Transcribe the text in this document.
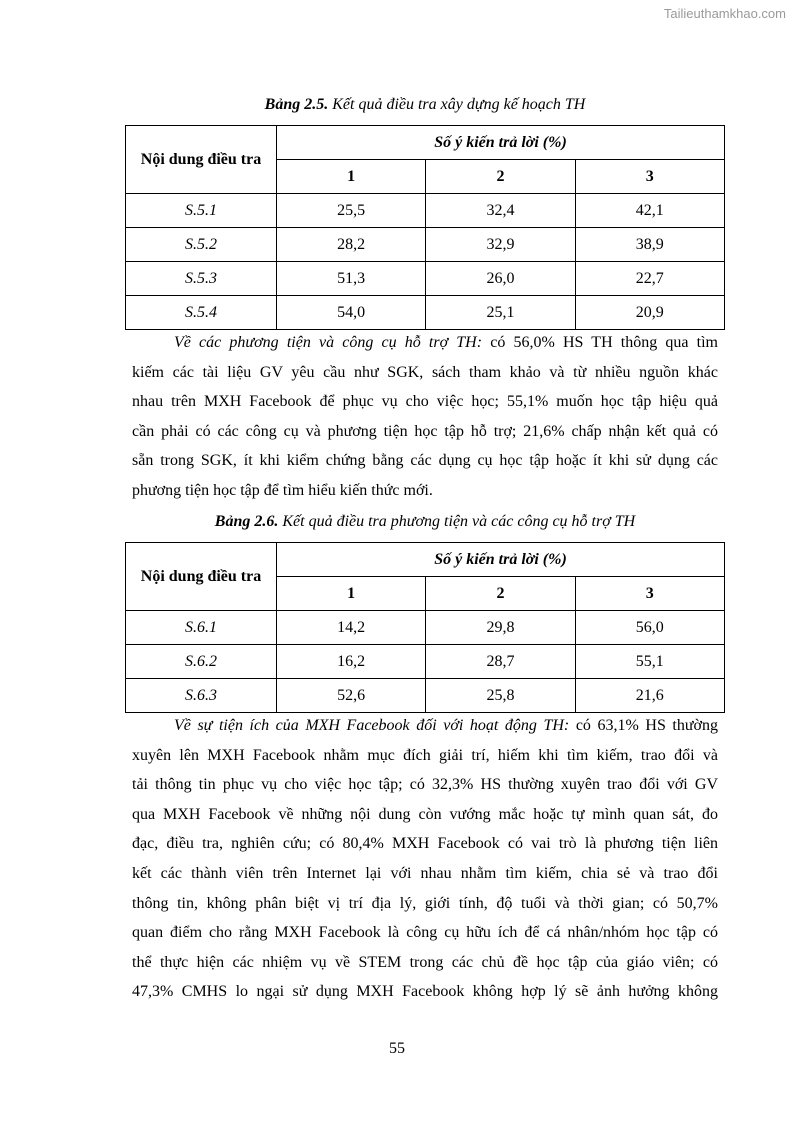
Tailieuthamkhao.com
Bảng 2.5. Kết quả điều tra xây dựng kế hoạch TH
Nội dung điều tra	Số ý kiến trả lời (%)		
	1	2	3
S.5.1	25,5	32,4	42,1
S.5.2	28,2	32,9	38,9
S.5.3	51,3	26,0	22,7
S.5.4	54,0	25,1	20,9
Về các phương tiện và công cụ hỗ trợ TH: có 56,0% HS TH thông qua tìm
kiếm các tài liệu GV yêu cầu như SGK, sách tham khảo và từ nhiều nguồn khác
nhau trên MXH Facebook để phục vụ cho việc học; 55,1% muốn học tập hiệu quả
cần phải có các công cụ và phương tiện học tập hỗ trợ; 21,6% chấp nhận kết quả có
sẵn trong SGK, ít khi kiểm chứng bằng các dụng cụ học tập hoặc ít khi sử dụng các
phương tiện học tập để tìm hiểu kiến thức mới.
Bảng 2.6. Kết quả điều tra phương tiện và các công cụ hỗ trợ TH
Nội dung điều tra	Số ý kiến trả lời (%)		
	1	2	3
S.6.1	14,2	29,8	56,0
S.6.2	16,2	28,7	55,1
S.6.3	52,6	25,8	21,6
Về sự tiện ích của MXH Facebook đối với hoạt động TH: có 63,1% HS thường
xuyên lên MXH Facebook nhằm mục đích giải trí, hiếm khi tìm kiếm, trao đổi và
tải thông tin phục vụ cho việc học tập; có 32,3% HS thường xuyên trao đổi với GV
qua MXH Facebook về những nội dung còn vướng mắc hoặc tự mình quan sát, đo
đạc, điều tra, nghiên cứu; có 80,4% MXH Facebook có vai trò là phương tiện liên
kết các thành viên trên Internet lại với nhau nhằm tìm kiếm, chia sẻ và trao đổi
thông tin, không phân biệt vị trí địa lý, giới tính, độ tuổi và thời gian; có 50,7%
quan điểm cho rằng MXH Facebook là công cụ hữu ích để cá nhân/nhóm học tập có
thể thực hiện các nhiệm vụ về STEM trong các chủ đề học tập của giáo viên; có
47,3% CMHS lo ngại sử dụng MXH Facebook không hợp lý sẽ ảnh hưởng không
55
